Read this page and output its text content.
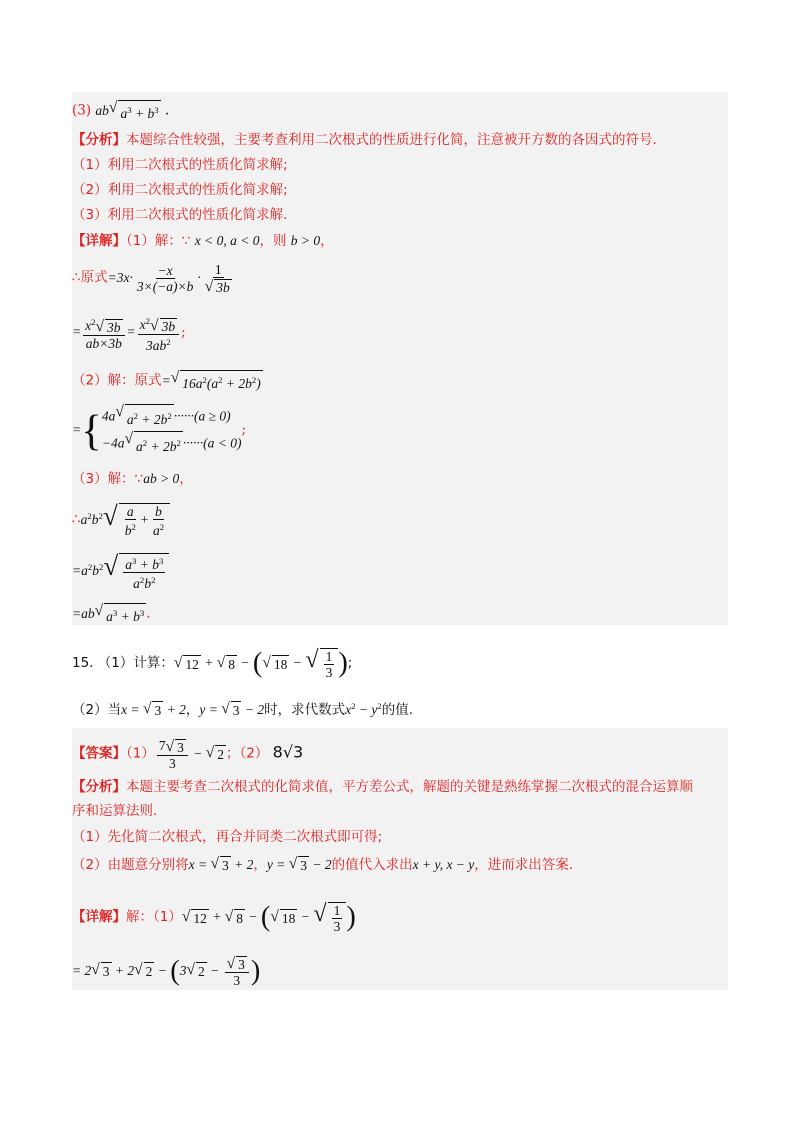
(3) ab √ $a^3 + b^3$ .
【分析】本题综合性较强，主要考查利用二次根式的性质进行化简，注意被开方数的各因式的符号.
（1）利用二次根式的性质化简求解;
（2）利用二次根式的性质化简求解;
（3）利用二次根式的性质化简求解.
【详解】（1）解：∵ x < 0, a < 0，则 b > 0，
∴原式$=3x\cdot \frac{-x}{3\times(-a)\times b} \cdot \frac{1}{√ 3b}$
= $\frac{x^2 √ 3b}{ab\times 3b} = \frac{x^2 √ 3b}{3ab^2}$ ;
（2）解：原式= √ $16a^2(a^2 + 2b^2)$
={ 4a √ $a^2 + 2b^2 \cdot\cdot\cdot\cdot\cdot\cdot(a \ge 0)$
−4a √ $a^2 + 2b^2 \cdot\cdot\cdot\cdot\cdot\cdot(a < 0)$
;
（3）解：∵ab > 0，
$\therefore a^2b^2$ √ $\frac{a}{b^2} + \frac{b}{a^2}$
$=a^2b^2$ √ $\frac{a^3 + b^3}{a^2b^2}$
=ab √ $a^3 + b^3$ .
15. （1）计算： √ 12 + √ 8 − ( √ 18 − √ $\frac{1}{3}$ );
（2）当x = √ 3 + 2，y = √ 3 − 2时，求代数式$x^2 - y^2$的值.
【答案】$(1) \frac{7 √ 3}{3}$ − √ 2 ；（2） 8√3
【分析】本题主要考查二次根式的化简求值，平方差公式，解题的关键是熟练掌握二次根式的混合运算顺
序和运算法则.
（1）先化简二次根式，再合并同类二次根式即可得;
（2）由题意分别将x = √ 3 + 2，y = √ 3 − 2的值代入求出x + y, x − y，进而求出答案.
【详解】解：（1） √ 12 + √ 8 − ( √ 18 − √ $\frac{1}{3}$ )
= 2 √ 3 + 2 √ 2 − (3 √ $2 - \frac{√ 3}{3}$ )
